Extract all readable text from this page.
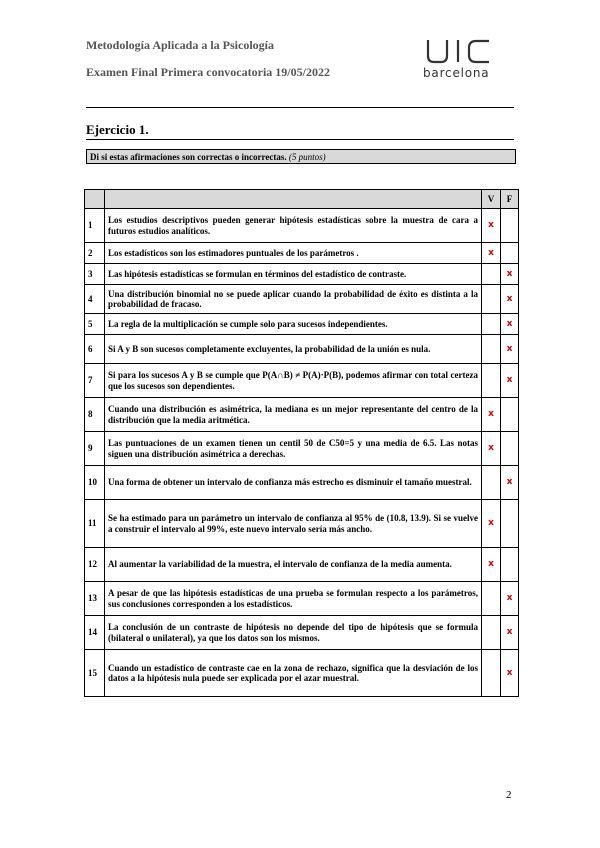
Metodología Aplicada a la Psicología
Examen Final Primera convocatoria 19/05/2022	barcelona
Ejercicio 1.
Di si estas afirmaciones son correctas o incorrectas. (5 puntos)
		V	F
1	Los estudios descriptivos pueden generar hipótesis estadísticas sobre la muestra de cara a futuros estudios analíticos.	x	
2	Los estadísticos son los estimadores puntuales de los parámetros .	x	
3	Las hipótesis estadísticas se formulan en términos del estadístico de contraste.		x
4	Una distribución binomial no se puede aplicar cuando la probabilidad de éxito es distinta a la probabilidad de fracaso.		x
5	La regla de la multiplicación se cumple solo para sucesos independientes.		x
6	Si A y B son sucesos completamente excluyentes, la probabilidad de la unión es nula.		x
7	Si para los sucesos A y B se cumple que P(A∩B) ≠ P(A)·P(B), podemos afirmar con total certeza que los sucesos son dependientes.		x
8	Cuando una distribución es asimétrica, la mediana es un mejor representante del centro de la distribución que la media aritmética.	x	
9	Las puntuaciones de un examen tienen un centil 50 de C50=5 y una media de 6.5. Las notas siguen una distribución asimétrica a derechas.	x	
10	Una forma de obtener un intervalo de confianza más estrecho es disminuir el tamaño muestral.		x
11	Se ha estimado para un parámetro un intervalo de confianza al 95% de (10.8, 13.9). Si se vuelve a construir el intervalo al 99%, este nuevo intervalo sería más ancho.	x	
12	Al aumentar la variabilidad de la muestra, el intervalo de confianza de la media aumenta.	x	
13	A pesar de que las hipótesis estadísticas de una prueba se formulan respecto a los parámetros, sus conclusiones corresponden a los estadísticos.		x
14	La conclusión de un contraste de hipótesis no depende del tipo de hipótesis que se formula (bilateral o unilateral), ya que los datos son los mismos.		x
15	Cuando un estadístico de contraste cae en la zona de rechazo, significa que la desviación de los datos a la hipótesis nula puede ser explicada por el azar muestral.		x
2
